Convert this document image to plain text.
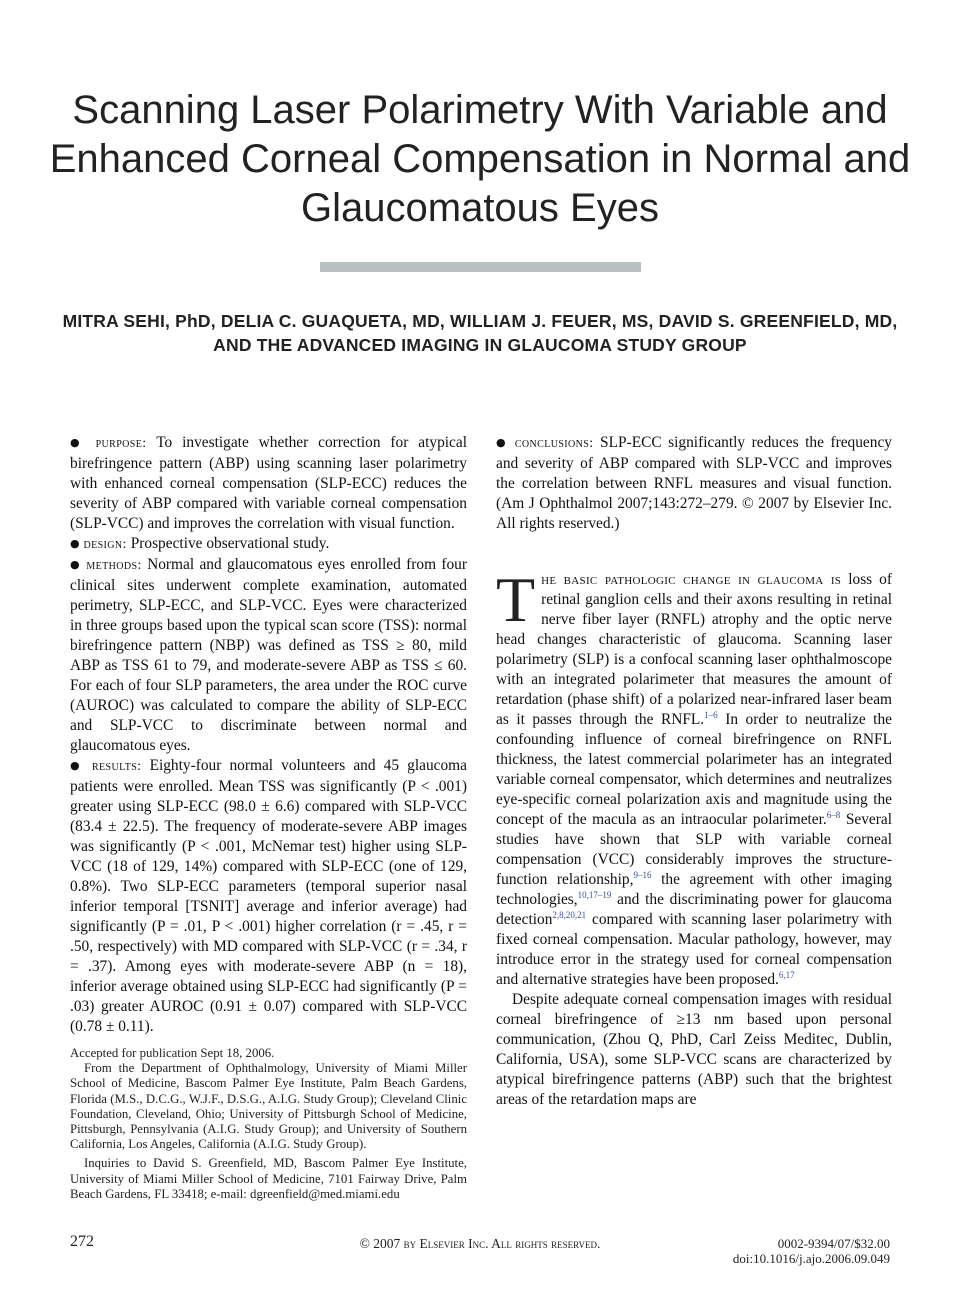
Scanning Laser Polarimetry With Variable and Enhanced Corneal Compensation in Normal and Glaucomatous Eyes
MITRA SEHI, PhD, DELIA C. GUAQUETA, MD, WILLIAM J. FEUER, MS, DAVID S. GREENFIELD, MD, AND THE ADVANCED IMAGING IN GLAUCOMA STUDY GROUP

● purpose: To investigate whether correction for atypical birefringence pattern (ABP) using scanning laser polarimetry with enhanced corneal compensation (SLP-ECC) reduces the severity of ABP compared with variable corneal compensation (SLP-VCC) and improves the correlation with visual function.

● design: Prospective observational study.

● methods: Normal and glaucomatous eyes enrolled from four clinical sites underwent complete examination, automated perimetry, SLP-ECC, and SLP-VCC. Eyes were characterized in three groups based upon the typical scan score (TSS): normal birefringence pattern (NBP) was defined as TSS ≥ 80, mild ABP as TSS 61 to 79, and moderate-severe ABP as TSS ≤ 60. For each of four SLP parameters, the area under the ROC curve (AUROC) was calculated to compare the ability of SLP-ECC and SLP-VCC to discriminate between normal and glaucomatous eyes.

● results: Eighty-four normal volunteers and 45 glaucoma patients were enrolled. Mean TSS was significantly (P < .001) greater using SLP-ECC (98.0 ± 6.6) compared with SLP-VCC (83.4 ± 22.5). The frequency of moderate-severe ABP images was significantly (P < .001, McNemar test) higher using SLP-VCC (18 of 129, 14%) compared with SLP-ECC (one of 129, 0.8%). Two SLP-ECC parameters (temporal superior nasal inferior temporal [TSNIT] average and inferior average) had significantly (P = .01, P < .001) higher correlation (r = .45, r = .50, respectively) with MD compared with SLP-VCC (r = .34, r = .37). Among eyes with moderate-severe ABP (n = 18), inferior average obtained using SLP-ECC had significantly (P = .03) greater AUROC (0.91 ± 0.07) compared with SLP-VCC (0.78 ± 0.11).

● conclusions: SLP-ECC significantly reduces the frequency and severity of ABP compared with SLP-VCC and improves the correlation between RNFL measures and visual function. (Am J Ophthalmol 2007;143:272–279. © 2007 by Elsevier Inc. All rights reserved.)

The basic pathologic change in glaucoma is loss of retinal ganglion cells and their axons resulting in retinal nerve fiber layer (RNFL) atrophy and the optic nerve head changes characteristic of glaucoma. Scanning laser polarimetry (SLP) is a confocal scanning laser ophthalmoscope with an integrated polarimeter that measures the amount of retardation (phase shift) of a polarized near-infrared laser beam as it passes through the RNFL.$^{1-6}$ In order to neutralize the confounding influence of corneal birefringence on RNFL thickness, the latest commercial polarimeter has an integrated variable corneal compensator, which determines and neutralizes eye-specific corneal polarization axis and magnitude using the concept of the macula as an intraocular polarimeter.$^{6-8}$ Several studies have shown that SLP with variable corneal compensation (VCC) considerably improves the structure-function relationship,$^{9-16}$ the agreement with other imaging technologies,$^{10,17-19}$ and the discriminating power for glaucoma detection$^{2,8,20,21}$ compared with scanning laser polarimetry with fixed corneal compensation. Macular pathology, however, may introduce error in the strategy used for corneal compensation and alternative strategies have been proposed.$^{6,17}$

Despite adequate corneal compensation images with residual corneal birefringence of ≥13 nm based upon personal communication, (Zhou Q, PhD, Carl Zeiss Meditec, Dublin, California, USA), some SLP-VCC scans are characterized by atypical birefringence patterns (ABP) such that the brightest areas of the retardation maps are

Accepted for publication Sept 18, 2006.

From the Department of Ophthalmology, University of Miami Miller School of Medicine, Bascom Palmer Eye Institute, Palm Beach Gardens, Florida (M.S., D.C.G., W.J.F., D.S.G., A.I.G. Study Group); Cleveland Clinic Foundation, Cleveland, Ohio; University of Pittsburgh School of Medicine, Pittsburgh, Pennsylvania (A.I.G. Study Group); and University of Southern California, Los Angeles, California (A.I.G. Study Group).

Inquiries to David S. Greenfield, MD, Bascom Palmer Eye Institute, University of Miami Miller School of Medicine, 7101 Fairway Drive, Palm Beach Gardens, FL 33418; e-mail: dgreenfield@med.miami.edu

272	© 2007 by Elsevier Inc. All rights reserved.	0002-9394/07/$32.00
doi:10.1016/j.ajo.2006.09.049
